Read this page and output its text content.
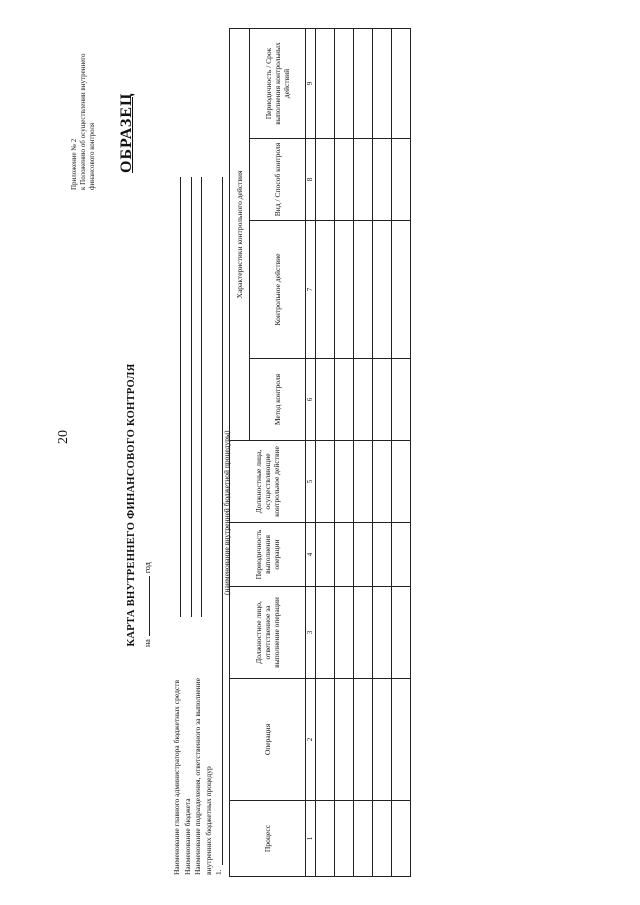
20
Приложение № 2 к Положению об осуществлении внутреннего финансового контроля ОБРАЗЕЦ
КАРТА ВНУТРЕННЕГО ФИНАНСОВОГО КОНТРОЛЯ нагод
Наименование главного администратора бюджетных средств Наименование бюджета Наименование подразделения, ответственного за выполнение внутренних бюджетных процедур 1.
(наименование внутренней бюджетной процедуры)
Процесс	Операция	Должностное лицо, ответственное за выполнение операции	Периодичность выполнения операции	Должностные лица, осуществляющие контрольное действие	Характеристики контрольного действия			
					Метод контроля	Контрольное действие	Вид / Способ контроля	Периодичность / Срок выполнения контрольных действий
1	2	3	4	5	6	7	8	9
